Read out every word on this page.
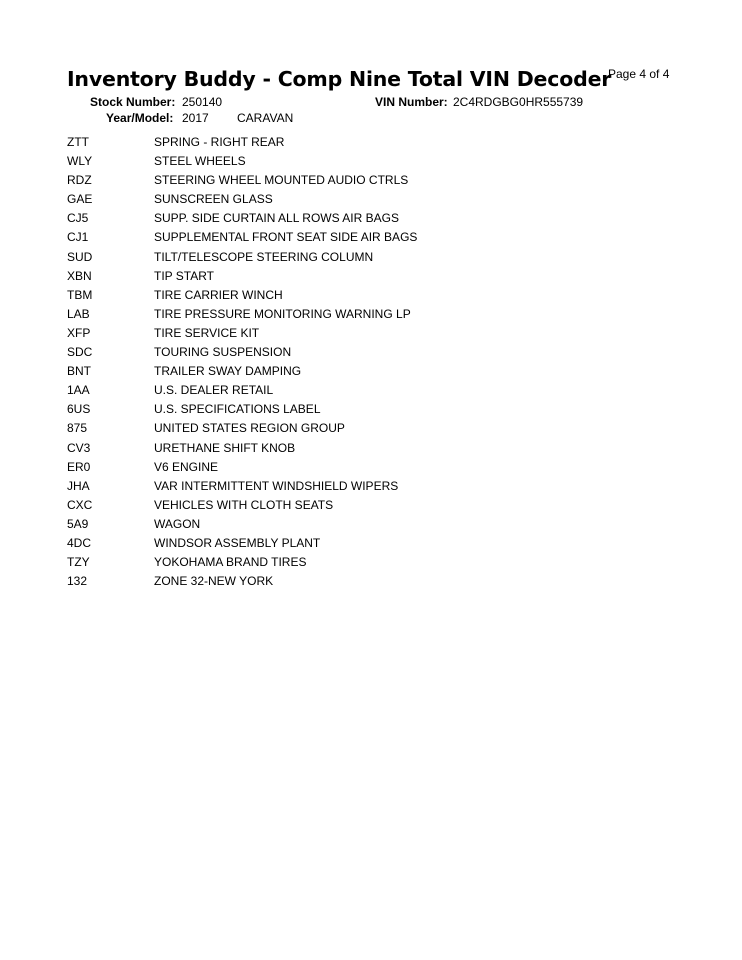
Inventory Buddy - Comp Nine Total VIN Decoder
Page 4 of 4
Stock Number: 250140	VIN Number: 2C4RDGBG0HR555739
Year/Model: 2017 CARAVAN
ZTT	SPRING - RIGHT REAR
WLY	STEEL WHEELS
RDZ	STEERING WHEEL MOUNTED AUDIO CTRLS
GAE	SUNSCREEN GLASS
CJ5	SUPP. SIDE CURTAIN ALL ROWS AIR BAGS
CJ1	SUPPLEMENTAL FRONT SEAT SIDE AIR BAGS
SUD	TILT/TELESCOPE STEERING COLUMN
XBN	TIP START
TBM	TIRE CARRIER WINCH
LAB	TIRE PRESSURE MONITORING WARNING LP
XFP	TIRE SERVICE KIT
SDC	TOURING SUSPENSION
BNT	TRAILER SWAY DAMPING
1AA	U.S. DEALER RETAIL
6US	U.S. SPECIFICATIONS LABEL
875	UNITED STATES REGION GROUP
CV3	URETHANE SHIFT KNOB
ER0	V6 ENGINE
JHA	VAR INTERMITTENT WINDSHIELD WIPERS
CXC	VEHICLES WITH CLOTH SEATS
5A9	WAGON
4DC	WINDSOR ASSEMBLY PLANT
TZY	YOKOHAMA BRAND TIRES
132	ZONE 32-NEW YORK
